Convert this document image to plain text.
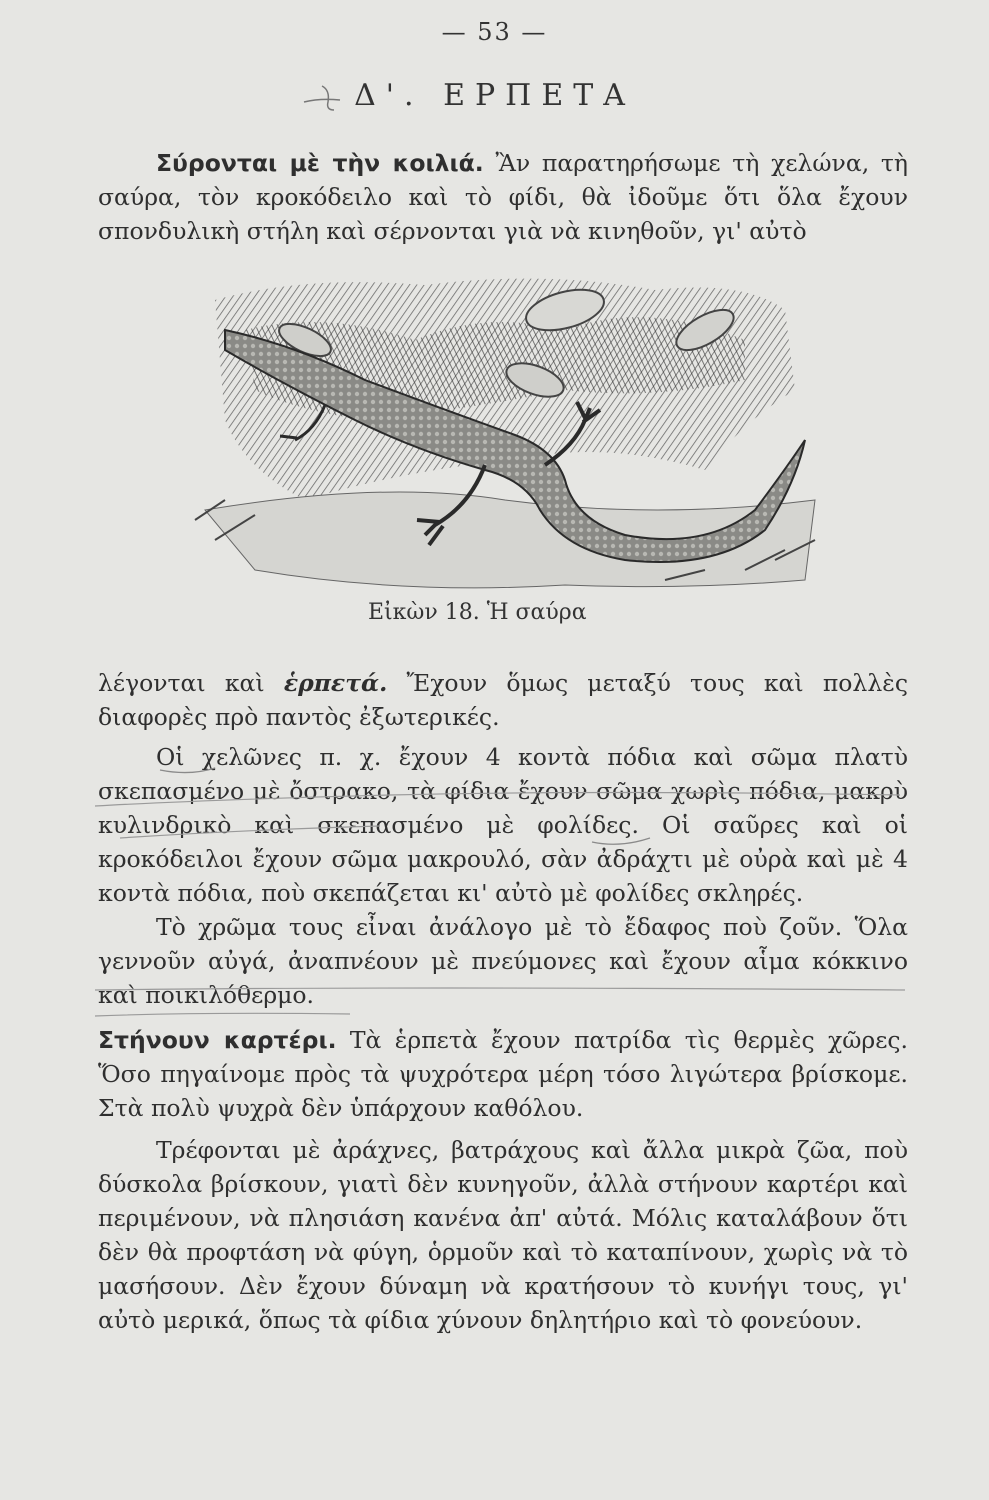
— 53 —
Δ'. ΕΡΠΕΤΑ
Σύρονται μὲ τὴν κοιλιά. Ἂν παρατηρήσωμε τὴ χελώνα, τὴ σαύρα, τὸν κροκόδειλο καὶ τὸ φίδι, θὰ ἰδοῦμε ὅτι ὅλα ἔχουν σπονδυλικὴ στήλη καὶ σέρνονται γιὰ νὰ κινηθοῦν, γι' αὐτὸ
Εἰκὼν 18. Ἡ σαύρα
λέγονται καὶ ἑρπετά. Ἔχουν ὅμως μεταξύ τους καὶ πολλὲς διαφορὲς πρὸ παντὸς ἐξωτερικές.
Οἱ χελῶνες π. χ. ἔχουν 4 κοντὰ πόδια καὶ σῶμα πλατὺ σκεπασμένο μὲ ὄστρακο, τὰ φίδια ἔχουν σῶμα χωρὶς πόδια, μακρὺ κυλινδρικὸ καὶ σκεπασμένο μὲ φολίδες. Οἱ σαῦρες καὶ οἱ κροκόδειλοι ἔχουν σῶμα μακρουλό, σὰν ἀδράχτι μὲ οὐρὰ καὶ μὲ 4 κοντὰ πόδια, ποὺ σκεπάζεται κι' αὐτὸ μὲ φολίδες σκληρές.
Τὸ χρῶμα τους εἶναι ἀνάλογο μὲ τὸ ἔδαφος ποὺ ζοῦν. Ὅλα γεννοῦν αὐγά, ἀναπνέουν μὲ πνεύμονες καὶ ἔχουν αἷμα κόκκινο καὶ ποικιλόθερμο.
Στήνουν καρτέρι. Τὰ ἑρπετὰ ἔχουν πατρίδα τὶς θερμὲς χῶρες. Ὅσο πηγαίνομε πρὸς τὰ ψυχρότερα μέρη τόσο λιγώτερα βρίσκομε. Στὰ πολὺ ψυχρὰ δὲν ὑπάρχουν καθόλου.
Τρέφονται μὲ ἀράχνες, βατράχους καὶ ἄλλα μικρὰ ζῶα, ποὺ δύσκολα βρίσκουν, γιατὶ δὲν κυνηγοῦν, ἀλλὰ στήνουν καρτέρι καὶ περιμένουν, νὰ πλησιάση κανένα ἀπ' αὐτά. Μόλις καταλάβουν ὅτι δὲν θὰ προφτάση νὰ φύγη, ὁρμοῦν καὶ τὸ καταπίνουν, χωρὶς νὰ τὸ μασήσουν. Δὲν ἔχουν δύναμη νὰ κρατήσουν τὸ κυνήγι τους, γι' αὐτὸ μερικά, ὅπως τὰ φίδια χύνουν δηλητήριο καὶ τὸ φονεύουν.
